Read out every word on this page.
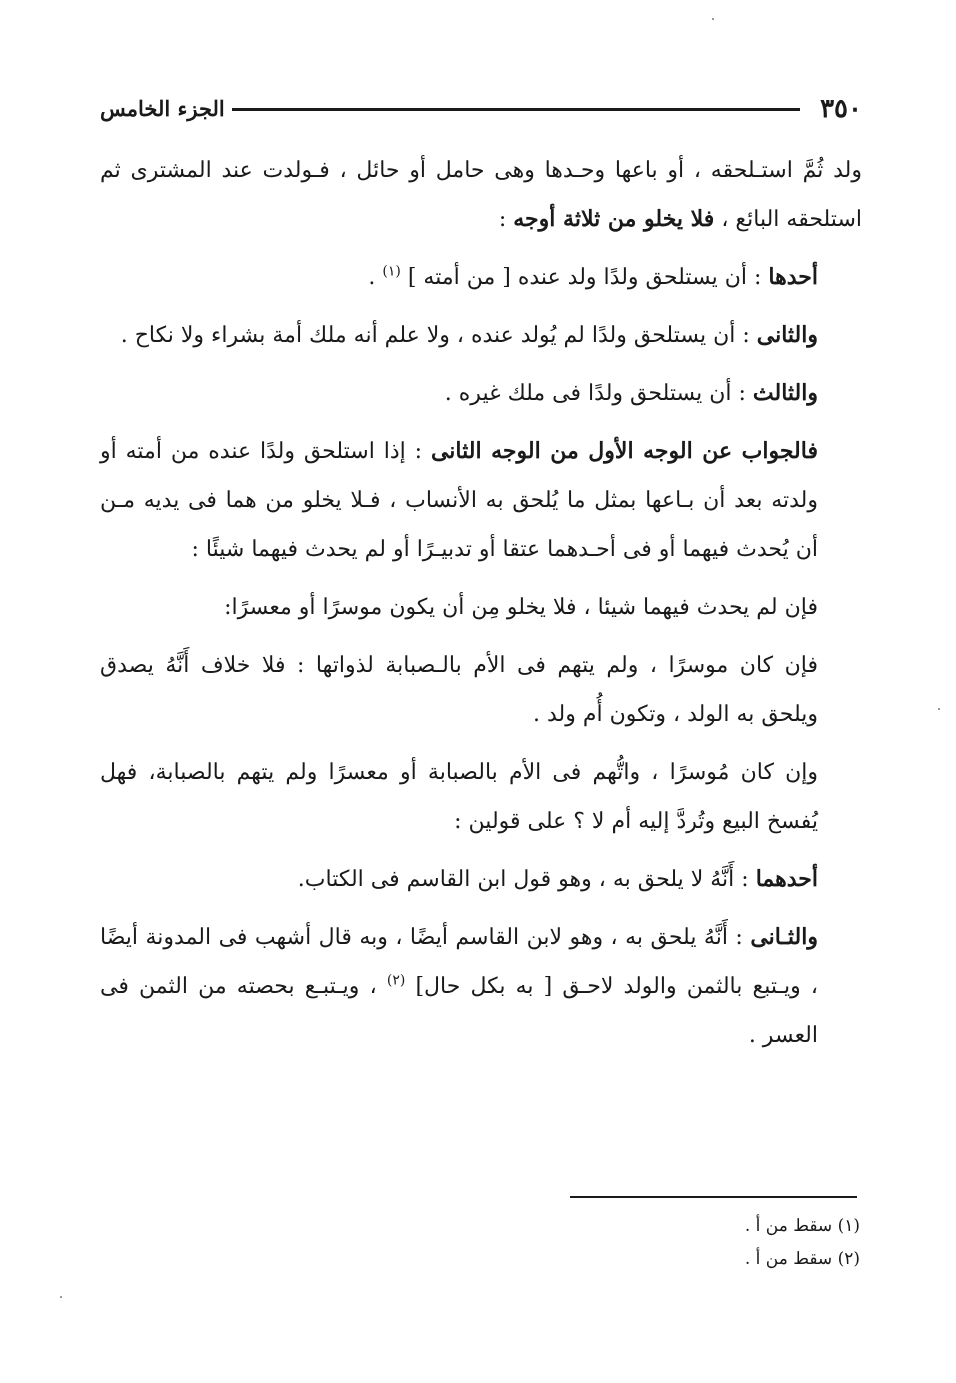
٣٥٠
الجزء الخامس

ولد ثُمَّ استـلحقه ، أو باعها وحـدها وهى حامل أو حائل ، فـولدت عند المشترى ثم استلحقه البائع ، فلا يخلو من ثلاثة أوجه :

أحدها : أن يستلحق ولدًا ولد عنده [ من أمته ] $^{(١)}$ .

والثانى : أن يستلحق ولدًا لم يُولد عنده ، ولا علم أنه ملك أمة بشراء ولا نكاح .

والثالث : أن يستلحق ولدًا فى ملك غيره .

فالجواب عن الوجه الأول من الوجه الثانى : إذا استلحق ولدًا عنده من أمته أو ولدته بعد أن بـاعها بمثل ما يُلحق به الأنساب ، فـلا يخلو من هما فى يديه مـن أن يُحدث فيهما أو فى أحـدهما عتقا أو تدبيـرًا أو لم يحدث فيهما شيئًا :

فإن لم يحدث فيهما شيئا ، فلا يخلو مِن أن يكون موسرًا أو معسرًا:

فإن كان موسرًا ، ولم يتهم فى الأم بالـصبابة لذواتها : فلا خلاف أَنَّهُ يصدق ويلحق به الولد ، وتكون أُم ولد .

وإن كان مُوسرًا ، واتُّهم فى الأم بالصبابة أو معسرًا ولم يتهم بالصبابة، فهل يُفسخ البيع وتُردَّ إليه أم لا ؟ على قولين :

أحدهما : أَنَّهُ لا يلحق به ، وهو قول ابن القاسم فى الكتاب.

والثـانى : أَنَّهُ يلحق به ، وهو لابن القاسم أيضًا ، وبه قال أشهب فى المدونة أيضًا ، ويـتبع بالثمن والولد لاحـق [ به بكل حال] $^{(٢)}$ ، ويـتبـع بحصته من الثمن فى العسر .

(١) سقط من أ .

(٢) سقط من أ .
